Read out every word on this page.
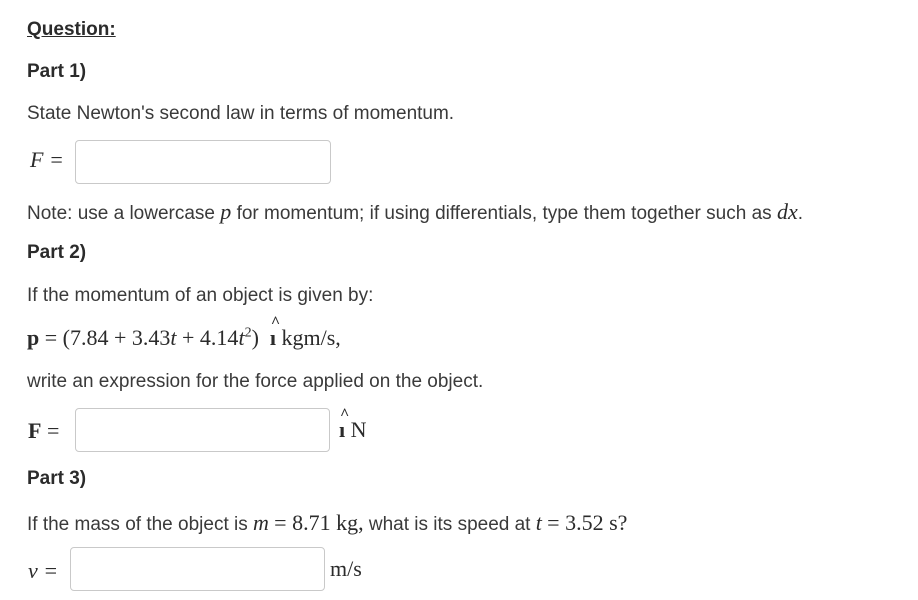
Question:
Part 1)
State Newton's second law in terms of momentum.
F =
Note: use a lowercase p for momentum; if using differentials, type them together such as dx.
Part 2)
If the momentum of an object is given by:
$p = (7.84 + 3.43t + 4.14t^2)$ ı ^ kgm/s,
write an expression for the force applied on the object.
F =	ı ^ N
Part 3)
If the mass of the object is m = 8.71 kg, what is its speed at t = 3.52 s?
v =	m/s
